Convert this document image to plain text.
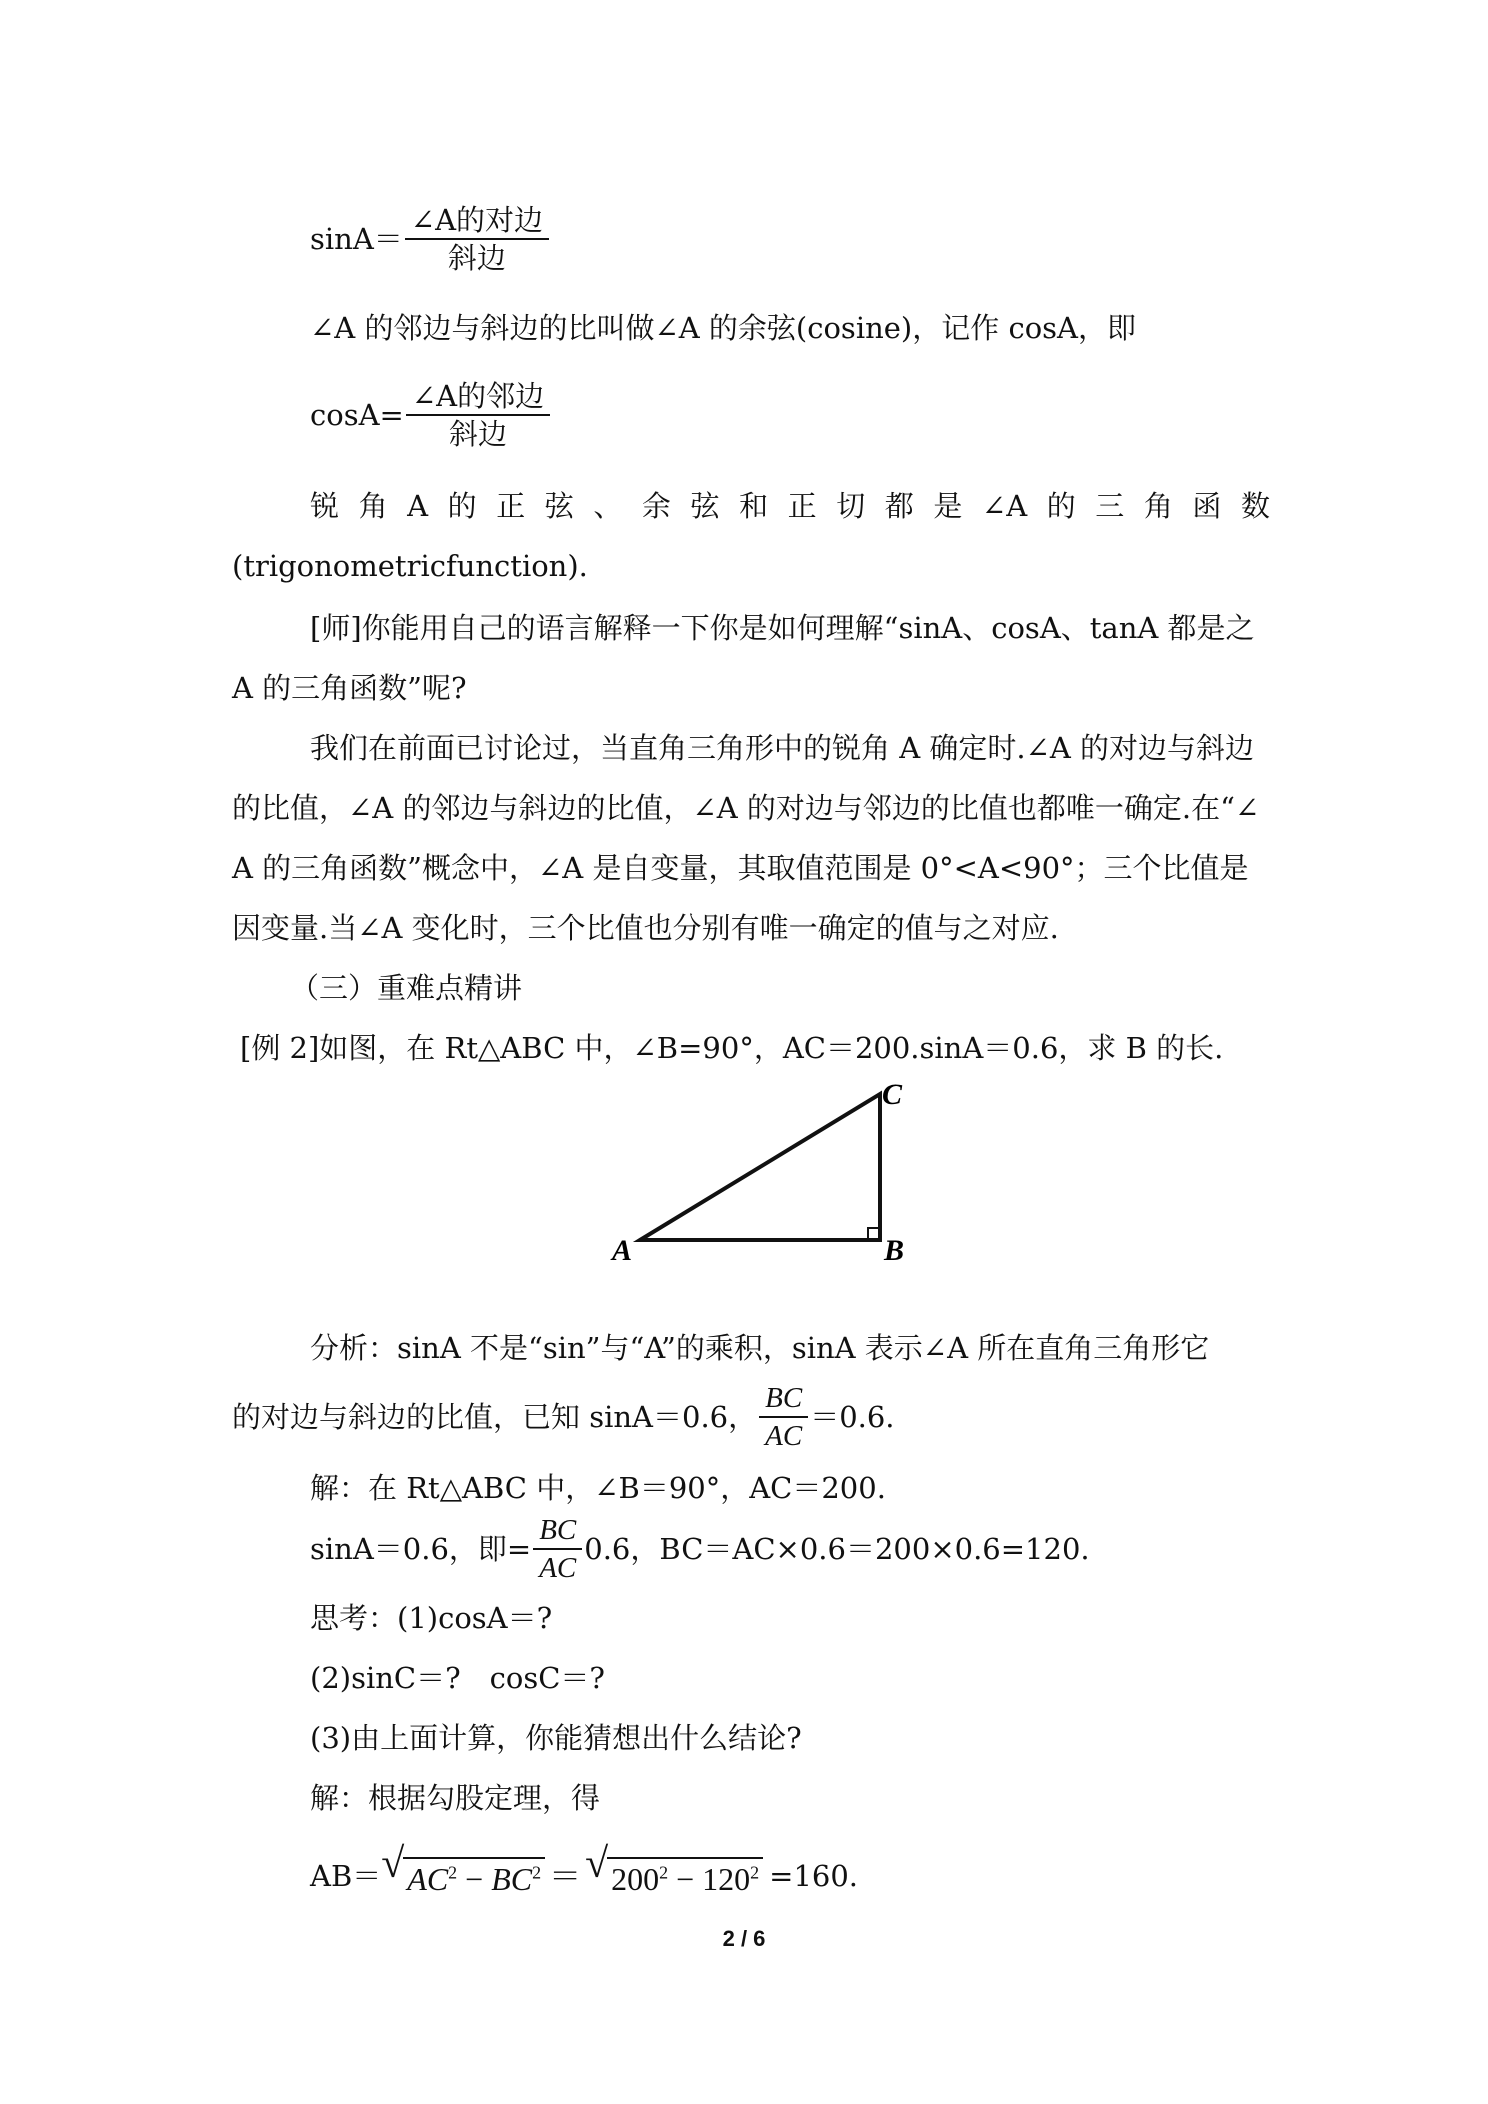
$\sin A= \frac{\text{∠A的对边}}{\text{斜边}}$
∠A 的邻边与斜边的比叫做∠A 的余弦(cosine)，记作 cosA，即
$\cos A= \frac{\text{∠A的邻边}}{\text{斜边}}$
锐角A的正弦、余弦和正切都是∠A的三角函数
(trigonometricfunction).
[师]你能用自己的语言解释一下你是如何理解“sinA、cosA、tanA 都是之
A 的三角函数”呢?
我们在前面已讨论过，当直角三角形中的锐角 A 确定时.∠A 的对边与斜边
的比值，∠A 的邻边与斜边的比值，∠A 的对边与邻边的比值也都唯一确定.在“∠
A 的三角函数”概念中，∠A 是自变量，其取值范围是 0°<A<90°；三个比值是
因变量.当∠A 变化时，三个比值也分别有唯一确定的值与之对应.
（三）重难点精讲
[例 2]如图，在 Rt△ABC 中，∠B=90°，AC＝200.sinA＝0.6，求 B 的长.
A	B
C
分析：sinA 不是“sin”与“A”的乘积，sinA 表示∠A 所在直角三角形它
的对边与斜边的比值，已知 sinA＝0.6， $\frac{BC}{AC} =0.6$.
解：在 Rt△ABC 中，∠B＝90°，AC＝200.
sinA＝0.6，即= $\frac{BC}{AC} 0.6$，BC＝AC×0.6＝200×0.6=120.
思考：(1)cosA＝?
(2)sinC＝?　cosC＝?
(3)由上面计算，你能猜想出什么结论?
解：根据勾股定理，得
AB＝ √ $AC^2 - BC^2$ ＝ √ $200^2 - 120^2 =160$.
2 / 6
